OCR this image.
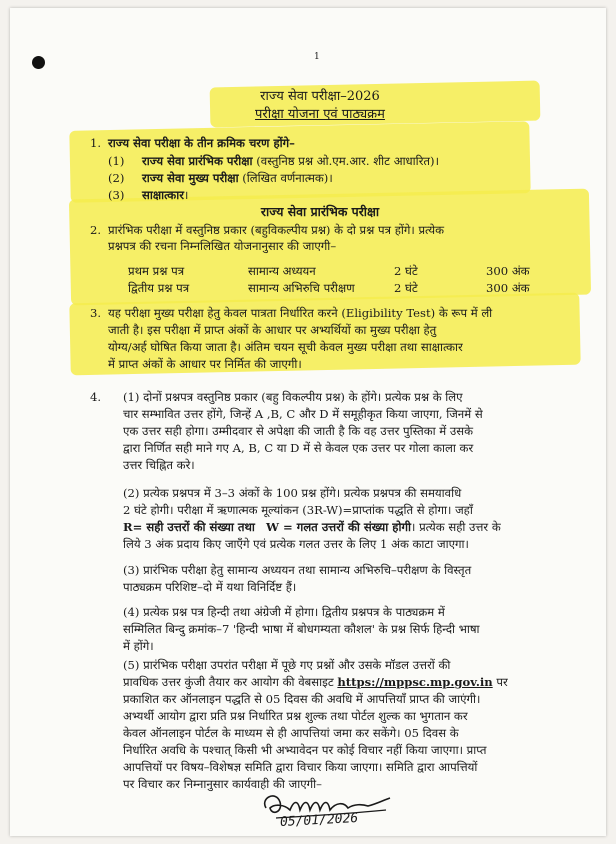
1
राज्य सेवा परीक्षा–2026
परीक्षा योजना एवं पाठ्यक्रम
1. राज्य सेवा परीक्षा के तीन क्रमिक चरण होंगे–
(1) राज्य सेवा प्रारंभिक परीक्षा (वस्तुनिष्ठ प्रश्न ओ.एम.आर. शीट आधारित)।
(2) राज्य सेवा मुख्य परीक्षा (लिखित वर्णनात्मक)।
(3) साक्षात्कार।
राज्य सेवा प्रारंभिक परीक्षा
2. प्रारंभिक परीक्षा में वस्तुनिष्ठ प्रकार (बहुविकल्पीय प्रश्न) के दो प्रश्न पत्र होंगे। प्रत्येक
प्रश्नपत्र की रचना निम्नलिखित योजनानुसार की जाएगी–
प्रथम प्रश्न पत्र	सामान्य अध्ययन	2 घंटे	300 अंक
द्वितीय प्रश्न पत्र	सामान्य अभिरुचि परीक्षण	2 घंटे	300 अंक
3. यह परीक्षा मुख्य परीक्षा हेतु केवल पात्रता निर्धारित करने (Eligibility Test) के रूप में ली
जाती है। इस परीक्षा में प्राप्त अंकों के आधार पर अभ्यर्थियों का मुख्य परीक्षा हेतु
योग्य/अर्ह घोषित किया जाता है। अंतिम चयन सूची केवल मुख्य परीक्षा तथा साक्षात्कार
में प्राप्त अंकों के आधार पर निर्मित की जाएगी।
4. (1) दोनों प्रश्नपत्र वस्तुनिष्ठ प्रकार (बहु विकल्पीय प्रश्न) के होंगे। प्रत्येक प्रश्न के लिए
चार सम्भावित उत्तर होंगे, जिन्हें A ,B, C और D में समूहीकृत किया जाएगा, जिनमें से
एक उत्तर सही होगा। उम्मीदवार से अपेक्षा की जाती है कि वह उत्तर पुस्तिका में उसके
द्वारा निर्णित सही माने गए A, B, C या D में से केवल एक उत्तर पर गोला काला कर
उत्तर चिह्नित करे।
(2) प्रत्येक प्रश्नपत्र में 3–3 अंकों के 100 प्रश्न होंगे। प्रत्येक प्रश्नपत्र की समयावधि
2 घंटे होगी। परीक्षा में ऋणात्मक मूल्यांकन (3R-W)=प्राप्तांक पद्धति से होगा। जहाँ
R= सही उत्तरों की संख्या तथा W = गलत उत्तरों की संख्या होगी। प्रत्येक सही उत्तर के
लिये 3 अंक प्रदाय किए जाएँगे एवं प्रत्येक गलत उत्तर के लिए 1 अंक काटा जाएगा।
(3) प्रारंभिक परीक्षा हेतु सामान्य अध्ययन तथा सामान्य अभिरुचि–परीक्षण के विस्तृत
पाठ्यक्रम परिशिष्ट–दो में यथा विनिर्दिष्ट हैं।
(4) प्रत्येक प्रश्न पत्र हिन्दी तथा अंग्रेजी में होगा। द्वितीय प्रश्नपत्र के पाठ्यक्रम में
सम्मिलित बिन्दु क्रमांक–7 'हिन्दी भाषा में बोधगम्यता कौशल' के प्रश्न सिर्फ हिन्दी भाषा
में होंगे।
(5) प्रारंभिक परीक्षा उपरांत परीक्षा में पूछे गए प्रश्नों और उसके मॉडल उत्तरों की
प्रावधिक उत्तर कुंजी तैयार कर आयोग की वेबसाइट https://mppsc.mp.gov.in पर
प्रकाशित कर ऑनलाइन पद्धति से 05 दिवस की अवधि में आपत्तियाँ प्राप्त की जाएंगी।
अभ्यर्थी आयोग द्वारा प्रति प्रश्न निर्धारित प्रश्न शुल्क तथा पोर्टल शुल्क का भुगतान कर
केवल ऑनलाइन पोर्टल के माध्यम से ही आपत्तियां जमा कर सकेंगे। 05 दिवस के
निर्धारित अवधि के पश्चात् किसी भी अभ्यावेदन पर कोई विचार नहीं किया जाएगा। प्राप्त
आपत्तियों पर विषय–विशेषज्ञ समिति द्वारा विचार किया जाएगा। समिति द्वारा आपत्तियों
पर विचार कर निम्नानुसार कार्यवाही की जाएगी–
05/01/2026
